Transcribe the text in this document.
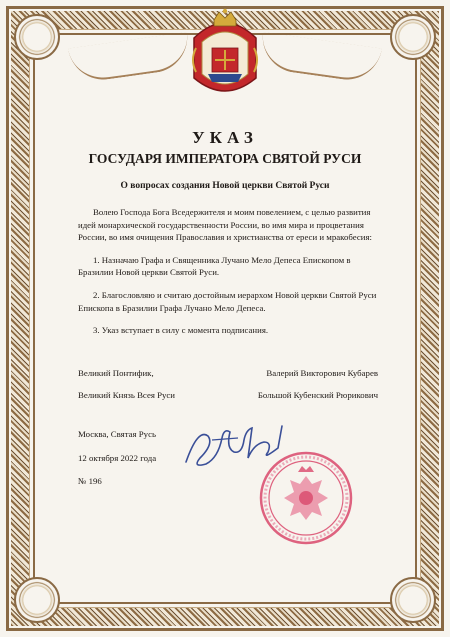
УКАЗ
ГОСУДАРЯ ИМПЕРАТОРА СВЯТОЙ РУСИ
О вопросах создания Новой церкви Святой Руси

Волею Господа Бога Вседержителя и моим повелением, с целью развития идей монархической государственности России, во имя мира и процветания России, во имя очищения Православия и христианства от ереси и мракобесия:

1. Назначаю Графа и Священника Лучано Мело Депеса Епископом в Бразилии Новой церкви Святой Руси.

2. Благословляю и считаю достойным иерархом Новой церкви Святой Руси Епископа в Бразилии Графа Лучано Мело Депеса.

3. Указ вступает в силу с момента подписания.

Великий Понтифик,	Валерий Викторович Кубарев
Великий Князь Всея Руси	Большой Кубенский Рюрикович
Москва, Святая Русь
12 октября 2022 года
№ 196
